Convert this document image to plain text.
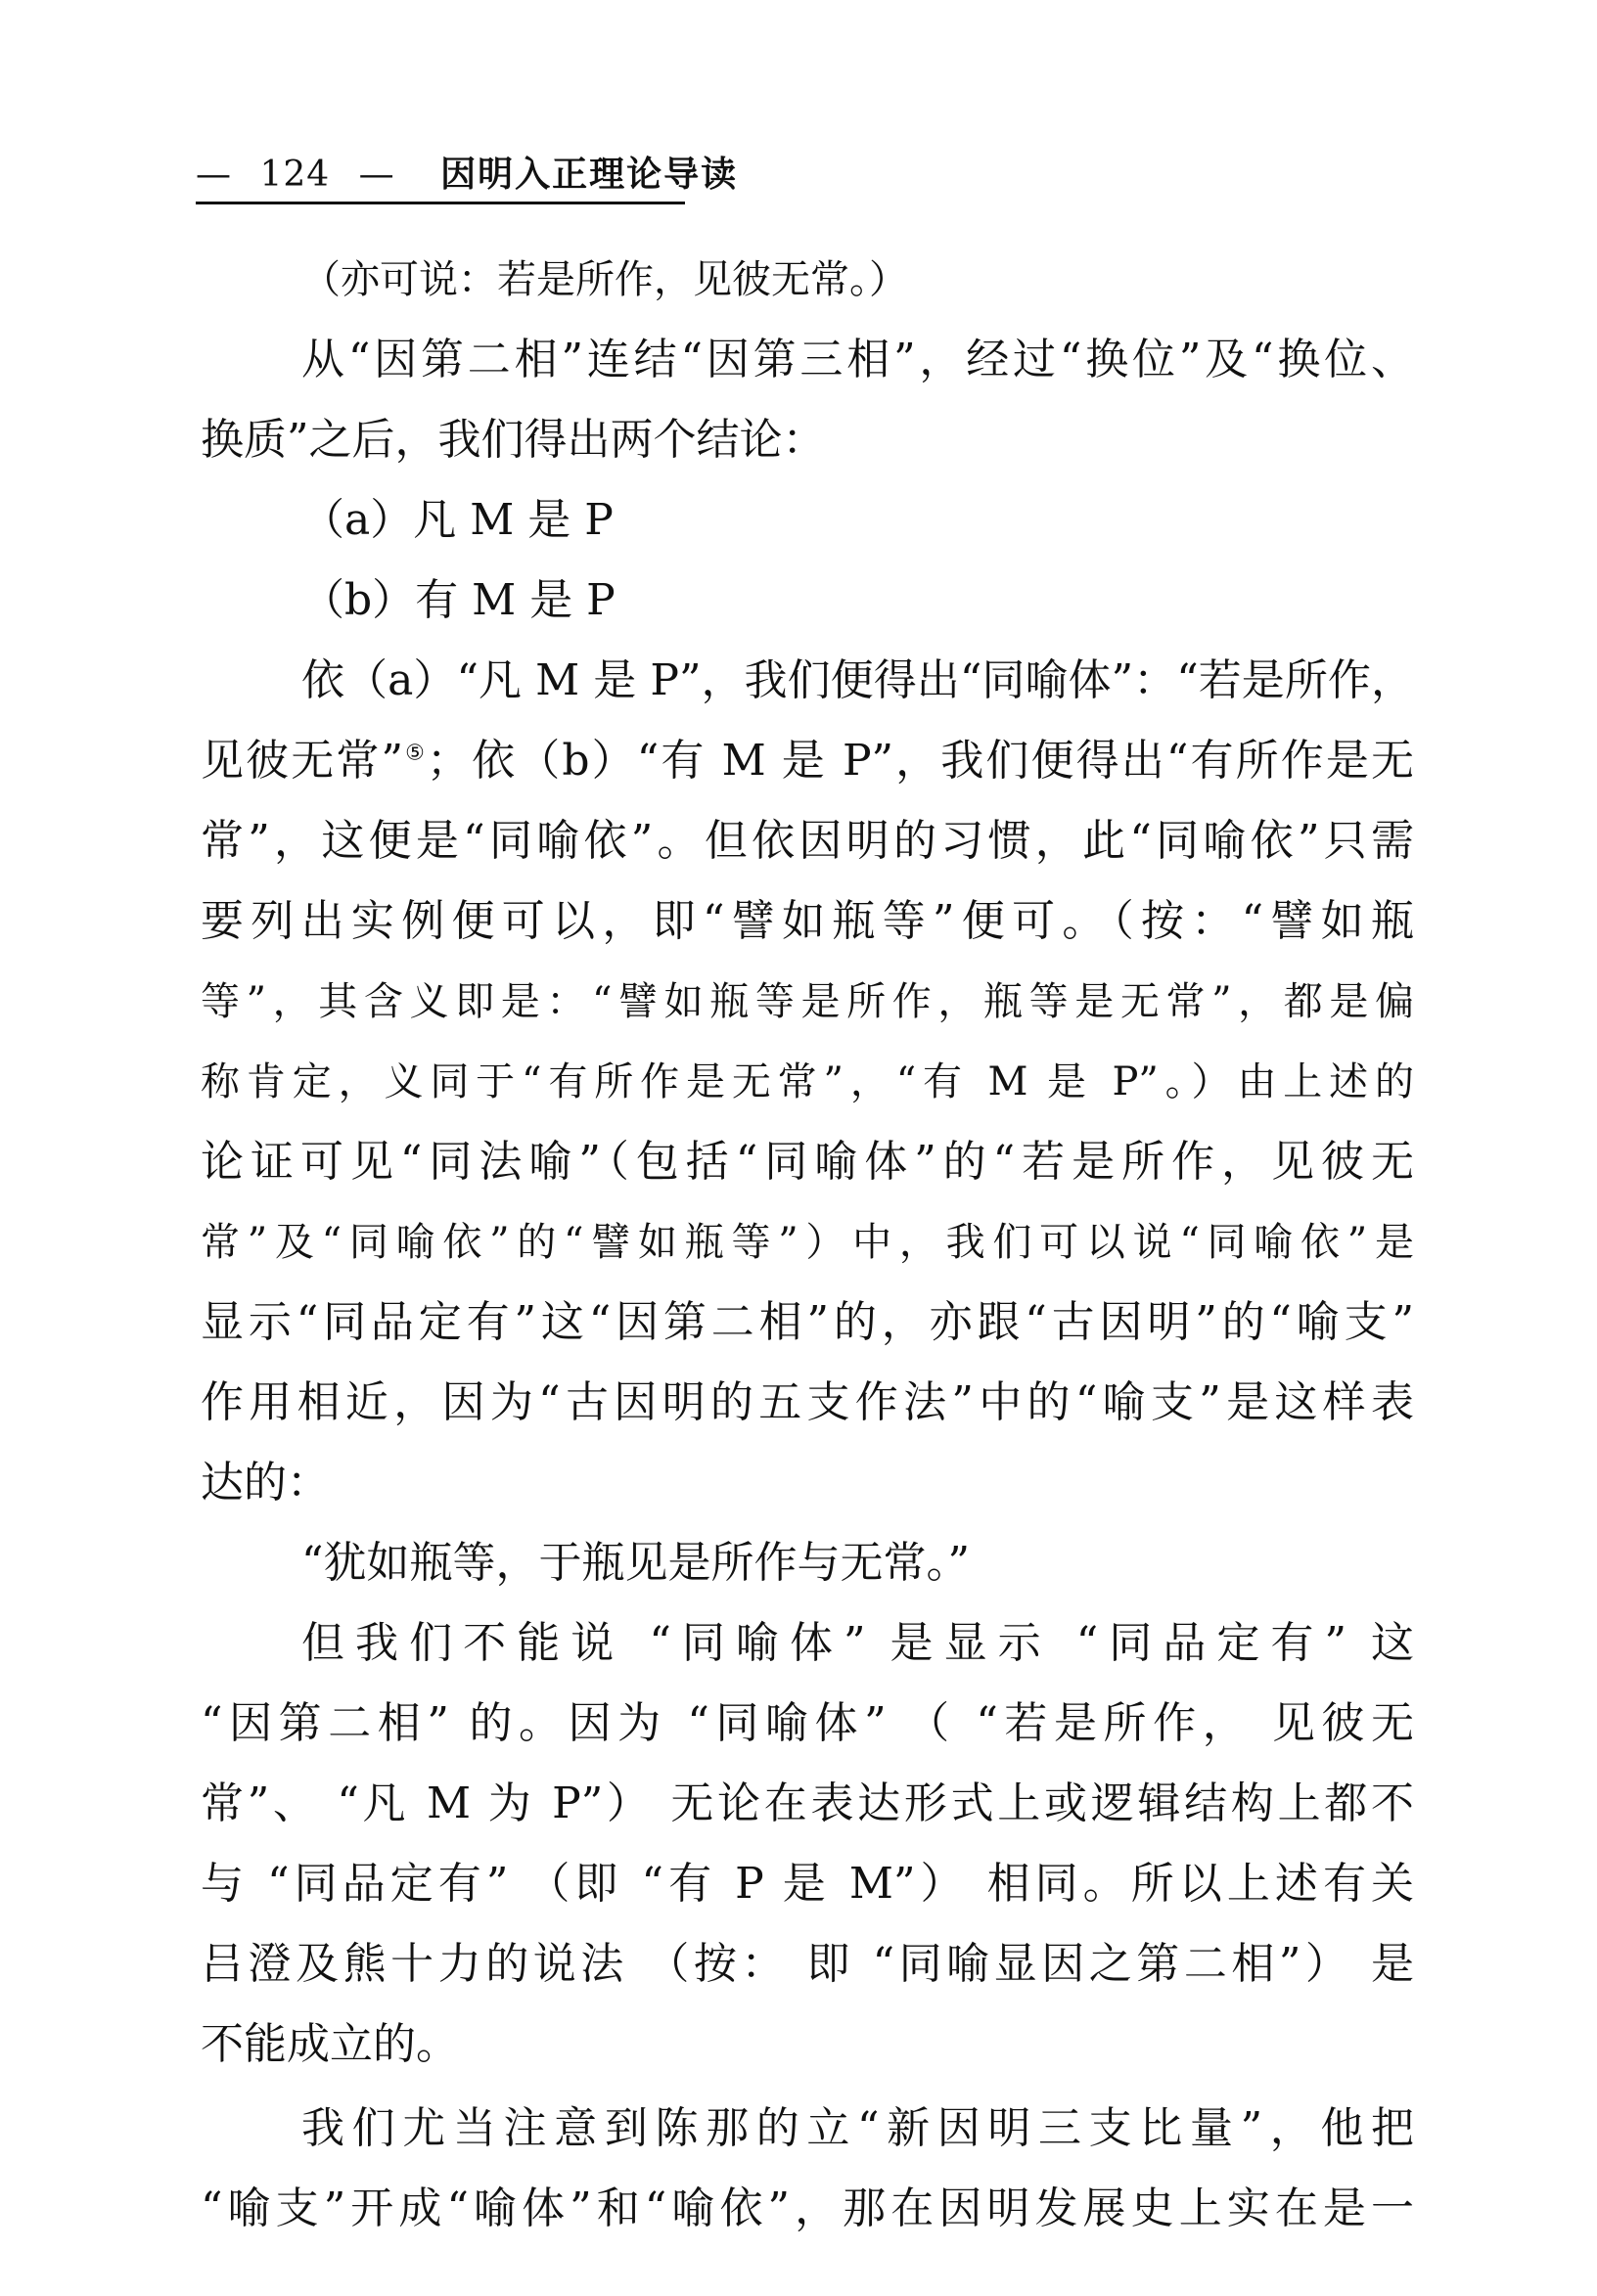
— 124 — 因明入正理论导读
（亦可说：若是所作，见彼无常。）
从“因第二相”连结“因第三相”，经过“换位”及“换位、
换质”之后，我们得出两个结论：
（a）凡 M 是 P
（b）有 M 是 P
依（a）“凡 M 是 P”，我们便得出“同喻体”：“若是所作，
见彼无常”⑤；依（b）“有 M 是 P”，我们便得出“有所作是无
常”，这便是“同喻依”。但依因明的习惯，此“同喻依”只需
要列出实例便可以，即“譬如瓶等”便可。（按：“譬如瓶
等”，其含义即是：“譬如瓶等是所作，瓶等是无常”，都是偏
称肯定，义同于“有所作是无常”，“有 M 是 P”。）由上述的
论证可见“同法喻”（包括“同喻体”的“若是所作，见彼无
常”及“同喻依”的“譬如瓶等”）中，我们可以说“同喻依”是
显示“同品定有”这“因第二相”的，亦跟“古因明”的“喻支”
作用相近，因为“古因明的五支作法”中的“喻支”是这样表
达的：
“犹如瓶等，于瓶见是所作与无常。”
但我们不能说 “同喻体” 是显示 “同品定有” 这
“因第二相” 的。因为 “同喻体” （ “若是所作， 见彼无
常”、 “凡 M 为 P”） 无论在表达形式上或逻辑结构上都不
与 “同品定有” （即 “有 P 是 M”） 相同。所以上述有关
吕澄及熊十力的说法 （按： 即 “同喻显因之第二相”） 是
不能成立的。
我们尤当注意到陈那的立“新因明三支比量”，他把
“喻支”开成“喻体”和“喻依”，那在因明发展史上实在是一
